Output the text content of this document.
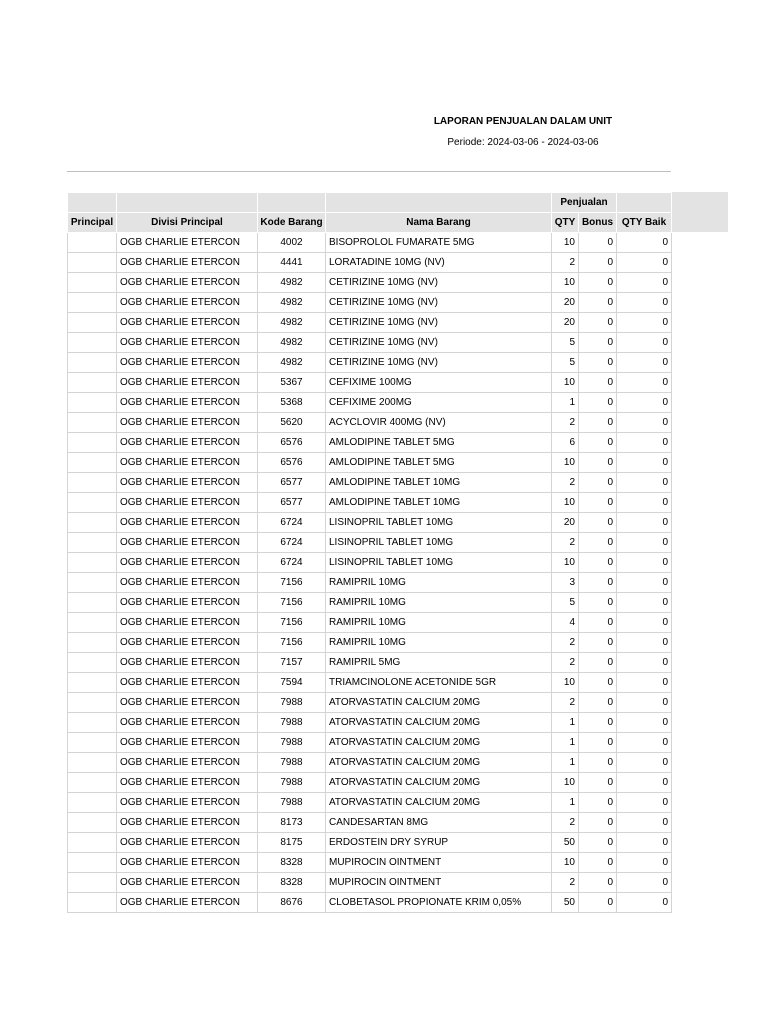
LAPORAN PENJUALAN DALAM UNIT
Periode: 2024-03-06 - 2024-03-06
				Penjualan		
Principal	Divisi Principal	Kode Barang	Nama Barang	QTY	Bonus	QTY Baik
	OGB CHARLIE ETERCON	4002	BISOPROLOL FUMARATE 5MG	10	0	0
	OGB CHARLIE ETERCON	4441	LORATADINE 10MG (NV)	2	0	0
	OGB CHARLIE ETERCON	4982	CETIRIZINE 10MG (NV)	10	0	0
	OGB CHARLIE ETERCON	4982	CETIRIZINE 10MG (NV)	20	0	0
	OGB CHARLIE ETERCON	4982	CETIRIZINE 10MG (NV)	20	0	0
	OGB CHARLIE ETERCON	4982	CETIRIZINE 10MG (NV)	5	0	0
	OGB CHARLIE ETERCON	4982	CETIRIZINE 10MG (NV)	5	0	0
	OGB CHARLIE ETERCON	5367	CEFIXIME 100MG	10	0	0
	OGB CHARLIE ETERCON	5368	CEFIXIME 200MG	1	0	0
	OGB CHARLIE ETERCON	5620	ACYCLOVIR 400MG (NV)	2	0	0
	OGB CHARLIE ETERCON	6576	AMLODIPINE TABLET 5MG	6	0	0
	OGB CHARLIE ETERCON	6576	AMLODIPINE TABLET 5MG	10	0	0
	OGB CHARLIE ETERCON	6577	AMLODIPINE TABLET 10MG	2	0	0
	OGB CHARLIE ETERCON	6577	AMLODIPINE TABLET 10MG	10	0	0
	OGB CHARLIE ETERCON	6724	LISINOPRIL TABLET 10MG	20	0	0
	OGB CHARLIE ETERCON	6724	LISINOPRIL TABLET 10MG	2	0	0
	OGB CHARLIE ETERCON	6724	LISINOPRIL TABLET 10MG	10	0	0
	OGB CHARLIE ETERCON	7156	RAMIPRIL 10MG	3	0	0
	OGB CHARLIE ETERCON	7156	RAMIPRIL 10MG	5	0	0
	OGB CHARLIE ETERCON	7156	RAMIPRIL 10MG	4	0	0
	OGB CHARLIE ETERCON	7156	RAMIPRIL 10MG	2	0	0
	OGB CHARLIE ETERCON	7157	RAMIPRIL 5MG	2	0	0
	OGB CHARLIE ETERCON	7594	TRIAMCINOLONE ACETONIDE 5GR	10	0	0
	OGB CHARLIE ETERCON	7988	ATORVASTATIN CALCIUM 20MG	2	0	0
	OGB CHARLIE ETERCON	7988	ATORVASTATIN CALCIUM 20MG	1	0	0
	OGB CHARLIE ETERCON	7988	ATORVASTATIN CALCIUM 20MG	1	0	0
	OGB CHARLIE ETERCON	7988	ATORVASTATIN CALCIUM 20MG	1	0	0
	OGB CHARLIE ETERCON	7988	ATORVASTATIN CALCIUM 20MG	10	0	0
	OGB CHARLIE ETERCON	7988	ATORVASTATIN CALCIUM 20MG	1	0	0
	OGB CHARLIE ETERCON	8173	CANDESARTAN 8MG	2	0	0
	OGB CHARLIE ETERCON	8175	ERDOSTEIN DRY SYRUP	50	0	0
	OGB CHARLIE ETERCON	8328	MUPIROCIN OINTMENT	10	0	0
	OGB CHARLIE ETERCON	8328	MUPIROCIN OINTMENT	2	0	0
	OGB CHARLIE ETERCON	8676	CLOBETASOL PROPIONATE KRIM 0,05%	50	0	0
